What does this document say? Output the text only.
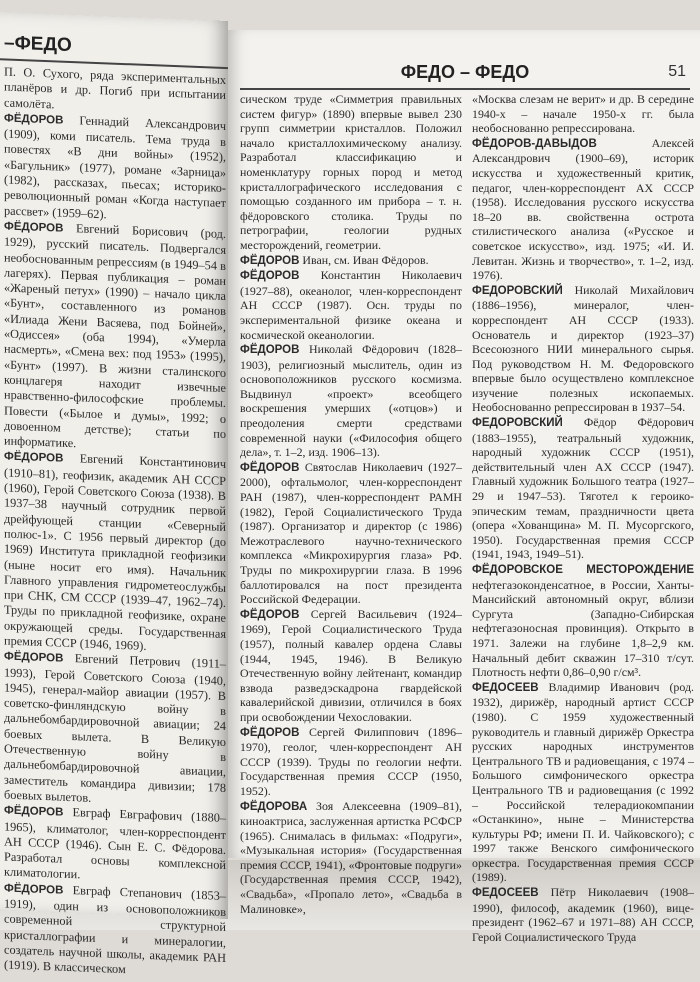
–ФЕДО

П. О. Сухого, ряда экспериментальных планёров и др. Погиб при испытании самолёта.

ФЁДОРОВ Геннадий Александрович (1909), коми писатель. Тема труда в повестях «В дни войны» (1952), «Багульник» (1977), романе «Зарница» (1982), рассказах, пьесах; историко-революционный роман «Когда наступает рассвет» (1959–62).

ФЁДОРОВ Евгений Борисович (род. 1929), русский писатель. Подвергался необоснованным репрессиям (в 1949–54 в лагерях). Первая публикация – роман «Жареный петух» (1990) – начало цикла «Бунт», составленного из романов «Илиада Жени Васяева, под Бойней», «Одиссея» (оба 1994), «Умерла насмерть», «Смена вех: под 1953» (1995), «Бунт» (1997). В жизни сталинского концлагеря находит извечные нравственно-философские проблемы. Повести («Былое и думы», 1992; о довоенном детстве); статьи по информатике.

ФЁДОРОВ Евгений Константинович (1910–81), геофизик, академик АН СССР (1960), Герой Советского Союза (1938). В 1937–38 научный сотрудник первой дрейфующей станции «Северный полюс-1». С 1956 первый директор (до 1969) Института прикладной геофизики (ныне носит его имя). Начальник Главного управления гидрометеослужбы при СНК, СМ СССР (1939–47, 1962–74). Труды по прикладной геофизике, охране окружающей среды. Государственная премия СССР (1946, 1969).

ФЁДОРОВ Евгений Петрович (1911–1993), Герой Советского Союза (1940, 1945), генерал-майор авиации (1957). В советско-финляндскую войну в дальнебомбардировочной авиации; 24 боевых вылета. В Великую Отечественную войну в дальнебомбардировочной авиации, заместитель командира дивизии; 178 боевых вылетов.

ФЁДОРОВ Евграф Евграфович (1880–1965), климатолог, член-корреспондент АН СССР (1946). Сын Е. С. Фёдорова. Разработал основы комплексной климатологии.

ФЁДОРОВ Евграф Степанович (1853–1919), один из основоположников современной структурной кристаллографии и минералогии, создатель научной школы, академик РАН (1919). В классическом

ФЕДО – ФЕДО	51

сическом труде «Симметрия правильных систем фигур» (1890) впервые вывел 230 групп симметрии кристаллов. Положил начало кристаллохимическому анализу. Разработал классификацию и номенклатуру горных пород и метод кристаллографического исследования с помощью созданного им прибора – т. н. фёдоровского столика. Труды по петрографии, геологии рудных месторождений, геометрии.

ФЁДОРОВ Иван, см. Иван Фёдоров.

ФЁДОРОВ Константин Николаевич (1927–88), океанолог, член-корреспондент АН СССР (1987). Осн. труды по экспериментальной физике океана и космической океанологии.

ФЁДОРОВ Николай Фёдорович (1828–1903), религиозный мыслитель, один из основоположников русского космизма. Выдвинул «проект» всеобщего воскрешения умерших («отцов») и преодоления смерти средствами современной науки («Философия общего дела», т. 1–2, изд. 1906–13).

ФЁДОРОВ Святослав Николаевич (1927–2000), офтальмолог, член-корреспондент РАН (1987), член-корреспондент РАМН (1982), Герой Социалистического Труда (1987). Организатор и директор (с 1986) Межотраслевого научно-технического комплекса «Микрохирургия глаза» РФ. Труды по микрохирургии глаза. В 1996 баллотировался на пост президента Российской Федерации.

ФЁДОРОВ Сергей Васильевич (1924–1969), Герой Социалистического Труда (1957), полный кавалер ордена Славы (1944, 1945, 1946). В Великую Отечественную войну лейтенант, командир взвода разведэскадрона гвардейской кавалерийской дивизии, отличился в боях при освобождении Чехословакии.

ФЁДОРОВ Сергей Филиппович (1896–1970), геолог, член-корреспондент АН СССР (1939). Труды по геологии нефти. Государственная премия СССР (1950, 1952).

ФЁДОРОВА Зоя Алексеевна (1909–81), киноактриса, заслуженная артистка РСФСР (1965). Снималась в фильмах: «Подруги», «Музыкальная история» (Государственная премия СССР, 1941), «Фронтовые подруги» (Государственная премия СССР, 1942), «Свадьба», «Пропало лето», «Свадьба в Малиновке»,

«Москва слезам не верит» и др. В середине 1940-х – начале 1950-х гг. была необоснованно репрессирована.

ФЁДОРОВ-ДАВЫДОВ	Алексей Александрович (1900–69), историк искусства и художественный критик, педагог, член-корреспондент АХ СССР (1958). Исследования русского искусства 18–20 вв. свойственна острота стилистического анализа («Русское и советское искусство», изд. 1975; «И. И. Левитан. Жизнь и творчество», т. 1–2, изд. 1976).

ФЕДОРОВСКИЙ Николай Михайлович (1886–1956), минералог, член-корреспондент АН СССР (1933). Основатель и директор (1923–37) Всесоюзного НИИ минерального сырья. Под руководством Н. М. Федоровского впервые было осуществлено комплексное изучение полезных ископаемых. Необоснованно репрессирован в 1937–54.

ФЕДОРОВСКИЙ Фёдор Фёдорович (1883–1955), театральный художник, народный художник СССР (1951), действительный член АХ СССР (1947). Главный художник Большого театра (1927–29 и 1947–53). Тяготел к героико-эпическим темам, праздничности цвета (опера «Хованщина» М. П. Мусоргского, 1950). Государственная премия СССР (1941, 1943, 1949–51).

ФЁДОРОВСКОЕ МЕСТОРОЖДЕНИЕ нефтегазоконденсатное, в России, Ханты-Мансийский автономный округ, вблизи Сургута (Западно-Сибирская нефтегазоносная провинция). Открыто в 1971. Залежи на глубине 1,8–2,9 км. Начальный дебит скважин 17–310 т/сут. Плотность нефти 0,86–0,90 г/см³.

ФЕДОСЕЕВ Владимир Иванович (род. 1932), дирижёр, народный артист СССР (1980). С 1959 художественный руководитель и главный дирижёр Оркестра русских народных инструментов Центрального ТВ и радиовещания, с 1974 – Большого симфонического оркестра Центрального ТВ и радиовещания (с 1992 – Российской телерадиокомпании «Останкино», ныне – Министерства культуры РФ; имени П. И. Чайковского); с 1997 также Венского симфонического оркестра. Государственная премия СССР (1989).

ФЕДОСЕЕВ Пётр Николаевич (1908–1990), философ, академик (1960), вице-президент (1962–67 и 1971–88) АН СССР, Герой Социалистического Труда
